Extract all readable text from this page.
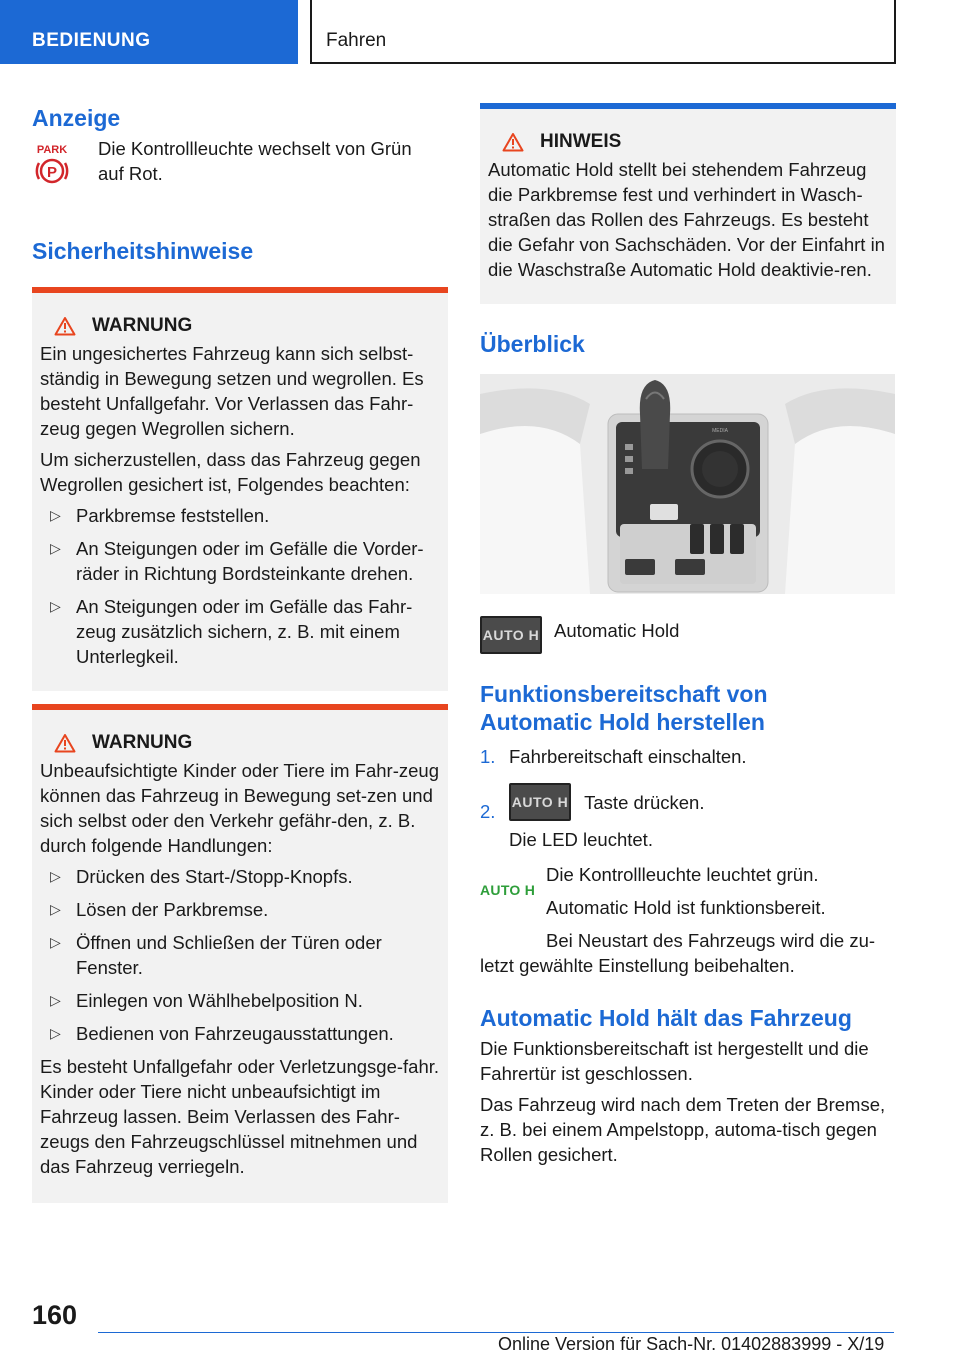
BEDIENUNG	Fahren
Anzeige
PARK
P
Die Kontrollleuchte wechselt von Grün auf Rot.
Sicherheitshinweise
WARNUNG

Ein ungesichertes Fahrzeug kann sich selbst-ständig in Bewegung setzen und wegrollen. Es besteht Unfallgefahr. Vor Verlassen das Fahr-zeug gegen Wegrollen sichern.

Um sicherzustellen, dass das Fahrzeug gegen Wegrollen gesichert ist, Folgendes beachten:

▷ Parkbremse feststellen.
▷ An Steigungen oder im Gefälle die Vorder-räder in Richtung Bordsteinkante drehen.
▷ An Steigungen oder im Gefälle das Fahr-zeug zusätzlich sichern, z. B. mit einem Unterlegkeil.
WARNUNG

Unbeaufsichtigte Kinder oder Tiere im Fahr-zeug können das Fahrzeug in Bewegung set-zen und sich selbst oder den Verkehr gefähr-den, z. B. durch folgende Handlungen:

▷ Drücken des Start-/Stopp-Knopfs.
▷ Lösen der Parkbremse.
▷ Öffnen und Schließen der Türen oder Fenster.
▷ Einlegen von Wählhebelposition N.
▷ Bedienen von Fahrzeugausstattungen.

Es besteht Unfallgefahr oder Verletzungsge-fahr. Kinder oder Tiere nicht unbeaufsichtigt im Fahrzeug lassen. Beim Verlassen des Fahr-zeugs den Fahrzeugschlüssel mitnehmen und das Fahrzeug verriegeln.

HINWEIS

Automatic Hold stellt bei stehendem Fahrzeug die Parkbremse fest und verhindert in Wasch-straßen das Rollen des Fahrzeugs. Es besteht die Gefahr von Sachschäden. Vor der Einfahrt in die Waschstraße Automatic Hold deaktivie-ren.

Überblick
MEDIA
AUTO H Automatic Hold
Funktionsbereitschaft von Automatic Hold herstellen
1. Fahrbereitschaft einschalten.
2. AUTO H Taste drücken.
Die LED leuchtet.
AUTO H
Die Kontrollleuchte leuchtet grün.
Automatic Hold ist funktionsbereit.
Bei Neustart des Fahrzeugs wird die zu-letzt gewählte Einstellung beibehalten.
Automatic Hold hält das Fahrzeug
Die Funktionsbereitschaft ist hergestellt und die Fahrertür ist geschlossen.
Das Fahrzeug wird nach dem Treten der Bremse, z. B. bei einem Ampelstopp, automa-tisch gegen Rollen gesichert.
160
Online Version für Sach-Nr. 01402883999 - X/19
